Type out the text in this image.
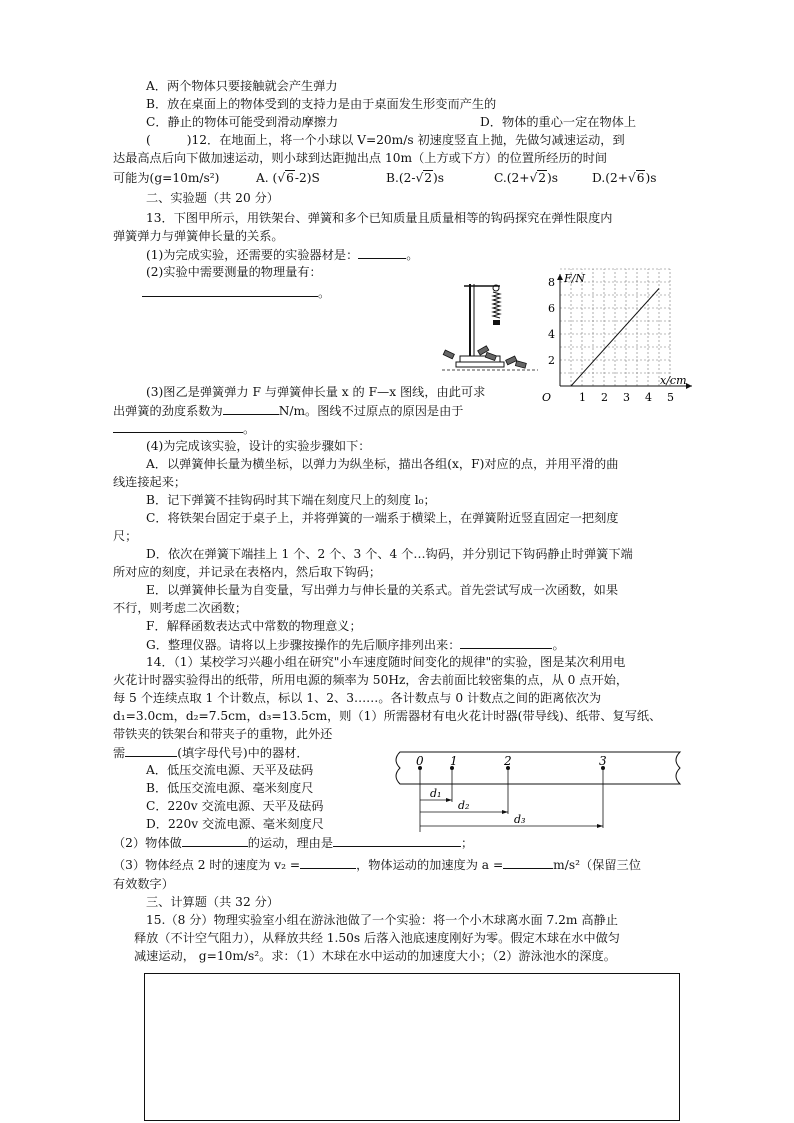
A．两个物体只要接触就会产生弹力
B．放在桌面上的物体受到的支持力是由于桌面发生形变而产生的
C．静止的物体可能受到滑动摩擦力	D．物体的重心一定在物体上
(	)12．在地面上，将一个小球以 V=20m/s 初速度竖直上抛，先做匀减速运动，到
达最高点后向下做加速运动，则小球到达距抛出点 10m（上方或下方）的位置所经历的时间
可能为(g=10m/s²)	A. (√6-2)S	B.(2-√2)s	C.(2+√2)s	D.(2+√6)s
二、实验题（共 20 分）
13．下图甲所示，用铁架台、弹簧和多个已知质量且质量相等的钩码探究在弹性限度内
弹簧弹力与弹簧伸长量的关系。
(1)为完成实验，还需要的实验器材是：	。
(2)实验中需要测量的物理量有：
。
F/N
x/cm
O
2
4
6
8
1 2 3 4 5
(3)图乙是弹簧弹力 F 与弹簧伸长量 x 的 F—x 图线，由此可求
出弹簧的劲度系数为	N/m。图线不过原点的原因是由于
。
(4)为完成该实验，设计的实验步骤如下：
A．以弹簧伸长量为横坐标，以弹力为纵坐标，描出各组(x，F)对应的点，并用平滑的曲
线连接起来；
B．记下弹簧不挂钩码时其下端在刻度尺上的刻度 l₀；
C．将铁架台固定于桌子上，并将弹簧的一端系于横梁上，在弹簧附近竖直固定一把刻度
尺；
D．依次在弹簧下端挂上 1 个、2 个、3 个、4 个…钩码，并分别记下钩码静止时弹簧下端
所对应的刻度，并记录在表格内，然后取下钩码；
E．以弹簧伸长量为自变量，写出弹力与伸长量的关系式。首先尝试写成一次函数，如果
不行，则考虑二次函数；
F．解释函数表达式中常数的物理意义；
G．整理仪器。请将以上步骤按操作的先后顺序排列出来：	。
14．（1）某校学习兴趣小组在研究"小车速度随时间变化的规律"的实验，图是某次利用电
火花计时器实验得出的纸带，所用电源的频率为 50Hz，舍去前面比较密集的点，从 0 点开始，
每 5 个连续点取 1 个计数点，标以 1、2、3……。各计数点与 0 计数点之间的距离依次为
d₁=3.0cm，d₂=7.5cm，d₃=13.5cm，则（1）所需器材有电火花计时器(带导线)、纸带、复写纸、
带铁夹的铁架台和带夹子的重物，此外还
需	(填字母代号)中的器材．
A．低压交流电源、天平及砝码
B．低压交流电源、毫米刻度尺
C．220v 交流电源、天平及砝码
D．220v 交流电源、毫米刻度尺
0 1	2	3
d₁
d₂
d₃
（2）物体做	的运动，理由是	；
（3）物体经点 2 时的速度为 v₂ =	，物体运动的加速度为 a =	m/s²（保留三位
有效数字）
三、计算题（共 32 分）
15.（8 分）物理实验室小组在游泳池做了一个实验：将一个小木球离水面 7.2m 高静止
释放（不计空气阻力），从释放共经 1.50s 后落入池底速度刚好为零。假定木球在水中做匀
减速运动， g=10m/s²。求：（1）木球在水中运动的加速度大小；（2）游泳池水的深度。
